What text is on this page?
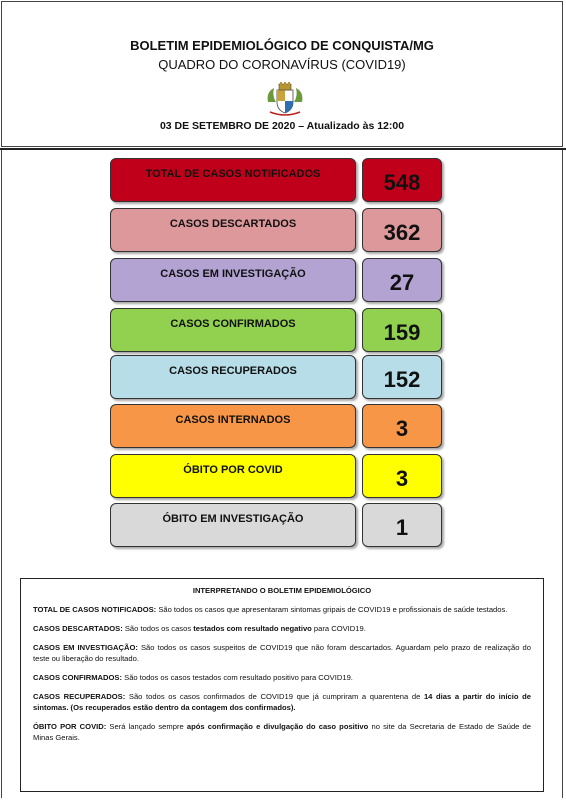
BOLETIM EPIDEMIOLÓGICO DE CONQUISTA/MG
QUADRO DO CORONAVÍRUS (COVID19)
03 DE SETEMBRO DE 2020 – Atualizado às 12:00
TOTAL DE CASOS NOTIFICADOS	548
CASOS DESCARTADOS	362
CASOS EM INVESTIGAÇÃO	27
CASOS CONFIRMADOS	159
CASOS RECUPERADOS	152
CASOS INTERNADOS	3
ÓBITO POR COVID	3
ÓBITO EM INVESTIGAÇÃO	1
INTERPRETANDO O BOLETIM EPIDEMIOLÓGICO

TOTAL DE CASOS NOTIFICADOS: São todos os casos que apresentaram sintomas gripais de COVID19 e profissionais de saúde testados.

CASOS DESCARTADOS: São todos os casos testados com resultado negativo para COVID19.

CASOS EM INVESTIGAÇÃO: São todos os casos suspeitos de COVID19 que não foram descartados. Aguardam pelo prazo de realização do teste ou liberação do resultado.

CASOS CONFIRMADOS: São todos os casos testados com resultado positivo para COVID19.

CASOS RECUPERADOS: São todos os casos confirmados de COVID19 que já cumpriram a quarentena de 14 dias a partir do início de sintomas. (Os recuperados estão dentro da contagem dos confirmados).

ÓBITO POR COVID: Será lançado sempre após confirmação e divulgação do caso positivo no site da Secretaria de Estado de Saúde de Minas Gerais.
